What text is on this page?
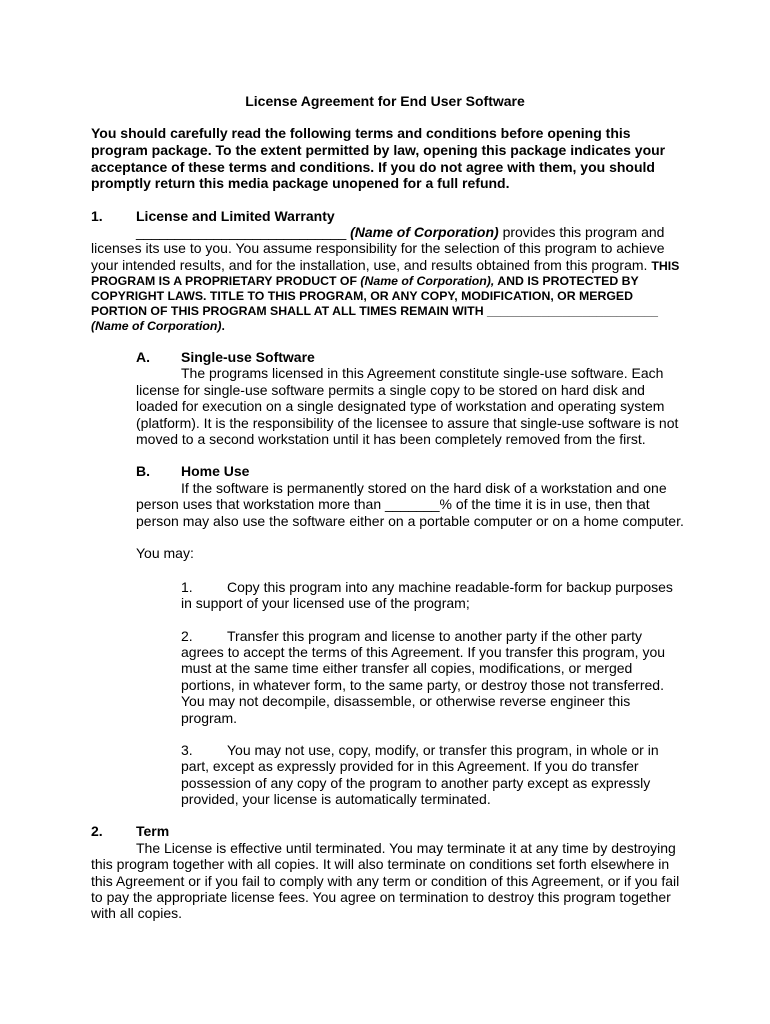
License Agreement for End User Software
You should carefully read the following terms and conditions before opening this
program package. To the extent permitted by law, opening this package indicates your
acceptance of these terms and conditions. If you do not agree with them, you should
promptly return this media package unopened for a full refund.
1. License and Limited Warranty
___________________________ (Name of Corporation) provides this program and
licenses its use to you. You assume responsibility for the selection of this program to achieve
your intended results, and for the installation, use, and results obtained from this program. THIS
PROGRAM IS A PROPRIETARY PRODUCT OF (Name of Corporation), AND IS PROTECTED BY
COPYRIGHT LAWS. TITLE TO THIS PROGRAM, OR ANY COPY, MODIFICATION, OR MERGED
PORTION OF THIS PROGRAM SHALL AT ALL TIMES REMAIN WITH _________________________
(Name of Corporation).
A. Single-use Software
The programs licensed in this Agreement constitute single-use software. Each
license for single-use software permits a single copy to be stored on hard disk and
loaded for execution on a single designated type of workstation and operating system
(platform). It is the responsibility of the licensee to assure that single-use software is not
moved to a second workstation until it has been completely removed from the first.
B. Home Use
If the software is permanently stored on the hard disk of a workstation and one
person uses that workstation more than _______% of the time it is in use, then that
person may also use the software either on a portable computer or on a home computer.
You may:
1. Copy this program into any machine readable-form for backup purposes
in support of your licensed use of the program;
2. Transfer this program and license to another party if the other party
agrees to accept the terms of this Agreement. If you transfer this program, you
must at the same time either transfer all copies, modifications, or merged
portions, in whatever form, to the same party, or destroy those not transferred.
You may not decompile, disassemble, or otherwise reverse engineer this
program.
3. You may not use, copy, modify, or transfer this program, in whole or in
part, except as expressly provided for in this Agreement. If you do transfer
possession of any copy of the program to another party except as expressly
provided, your license is automatically terminated.
2. Term
The License is effective until terminated. You may terminate it at any time by destroying
this program together with all copies. It will also terminate on conditions set forth elsewhere in
this Agreement or if you fail to comply with any term or condition of this Agreement, or if you fail
to pay the appropriate license fees. You agree on termination to destroy this program together
with all copies.
